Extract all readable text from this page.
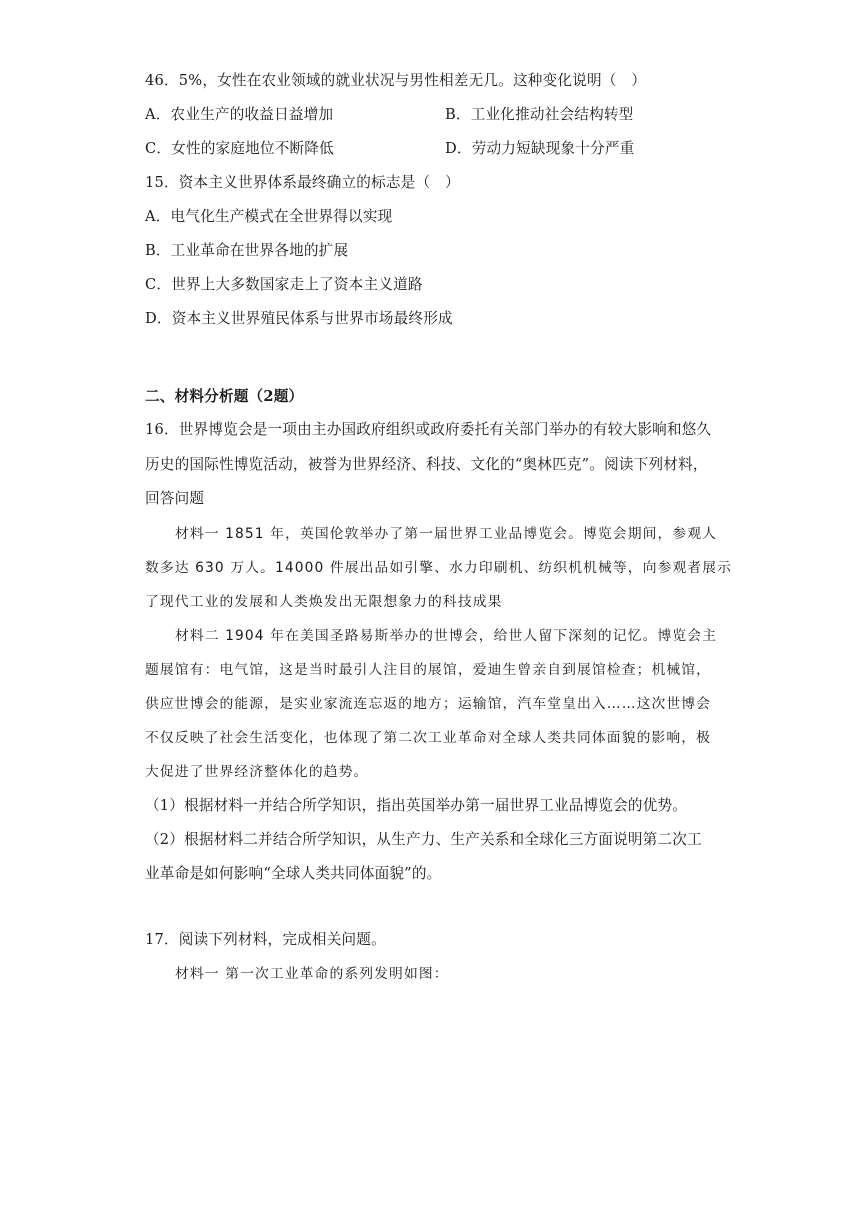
46．5%，女性在农业领域的就业状况与男性相差无几。这种变化说明（　）
A．农业生产的收益日益增加	B．工业化推动社会结构转型
C．女性的家庭地位不断降低	D．劳动力短缺现象十分严重
15．资本主义世界体系最终确立的标志是（　）
A．电气化生产模式在全世界得以实现
B．工业革命在世界各地的扩展
C．世界上大多数国家走上了资本主义道路
D．资本主义世界殖民体系与世界市场最终形成
二、材料分析题（2题）
16．世界博览会是一项由主办国政府组织或政府委托有关部门举办的有较大影响和悠久
历史的国际性博览活动，被誉为世界经济、科技、文化的“奥林匹克”。阅读下列材料，
回答问题
材料一 1851 年，英国伦敦举办了第一届世界工业品博览会。博览会期间，参观人
数多达 630 万人。14000 件展出品如引擎、水力印刷机、纺织机机械等，向参观者展示
了现代工业的发展和人类焕发出无限想象力的科技成果
材料二 1904 年在美国圣路易斯举办的世博会，给世人留下深刻的记忆。博览会主
题展馆有：电气馆，这是当时最引人注目的展馆，爱迪生曾亲自到展馆检查；机械馆，
供应世博会的能源，是实业家流连忘返的地方；运输馆，汽车堂皇出入……这次世博会
不仅反映了社会生活变化，也体现了第二次工业革命对全球人类共同体面貌的影响，极
大促进了世界经济整体化的趋势。
（1）根据材料一并结合所学知识，指出英国举办第一届世界工业品博览会的优势。
（2）根据材料二并结合所学知识，从生产力、生产关系和全球化三方面说明第二次工
业革命是如何影响“全球人类共同体面貌”的。
17．阅读下列材料，完成相关问题。
材料一 第一次工业革命的系列发明如图：
